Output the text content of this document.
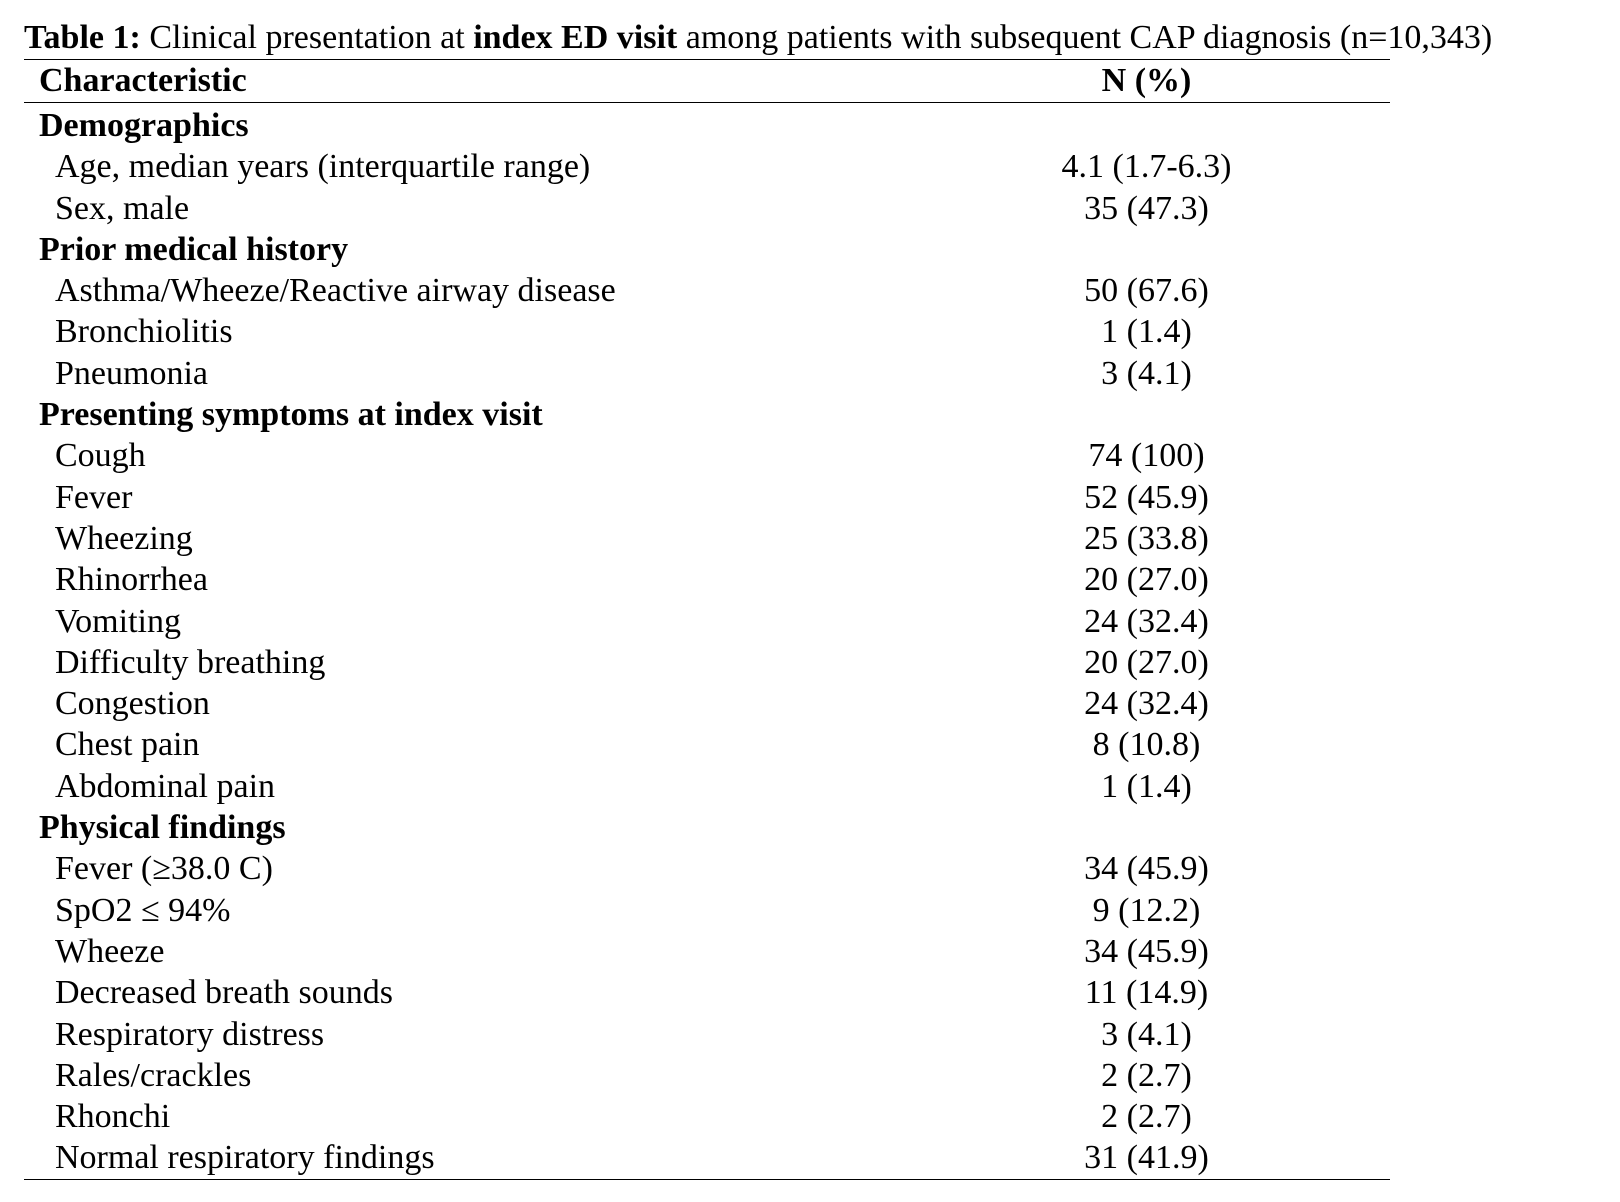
Table 1: Clinical presentation at index ED visit among patients with subsequent CAP diagnosis (n=10,343)
Characteristic	N (%)
Demographics
Age, median years (interquartile range)	4.1 (1.7-6.3)
Sex, male	35 (47.3)
Prior medical history
Asthma/Wheeze/Reactive airway disease	50 (67.6)
Bronchiolitis	1 (1.4)
Pneumonia	3 (4.1)
Presenting symptoms at index visit
Cough	74 (100)
Fever	52 (45.9)
Wheezing	25 (33.8)
Rhinorrhea	20 (27.0)
Vomiting	24 (32.4)
Difficulty breathing	20 (27.0)
Congestion	24 (32.4)
Chest pain	8 (10.8)
Abdominal pain	1 (1.4)
Physical findings
Fever (≥38.0 C)	34 (45.9)
SpO2 ≤ 94%	9 (12.2)
Wheeze	34 (45.9)
Decreased breath sounds	11 (14.9)
Respiratory distress	3 (4.1)
Rales/crackles	2 (2.7)
Rhonchi	2 (2.7)
Normal respiratory findings	31 (41.9)
